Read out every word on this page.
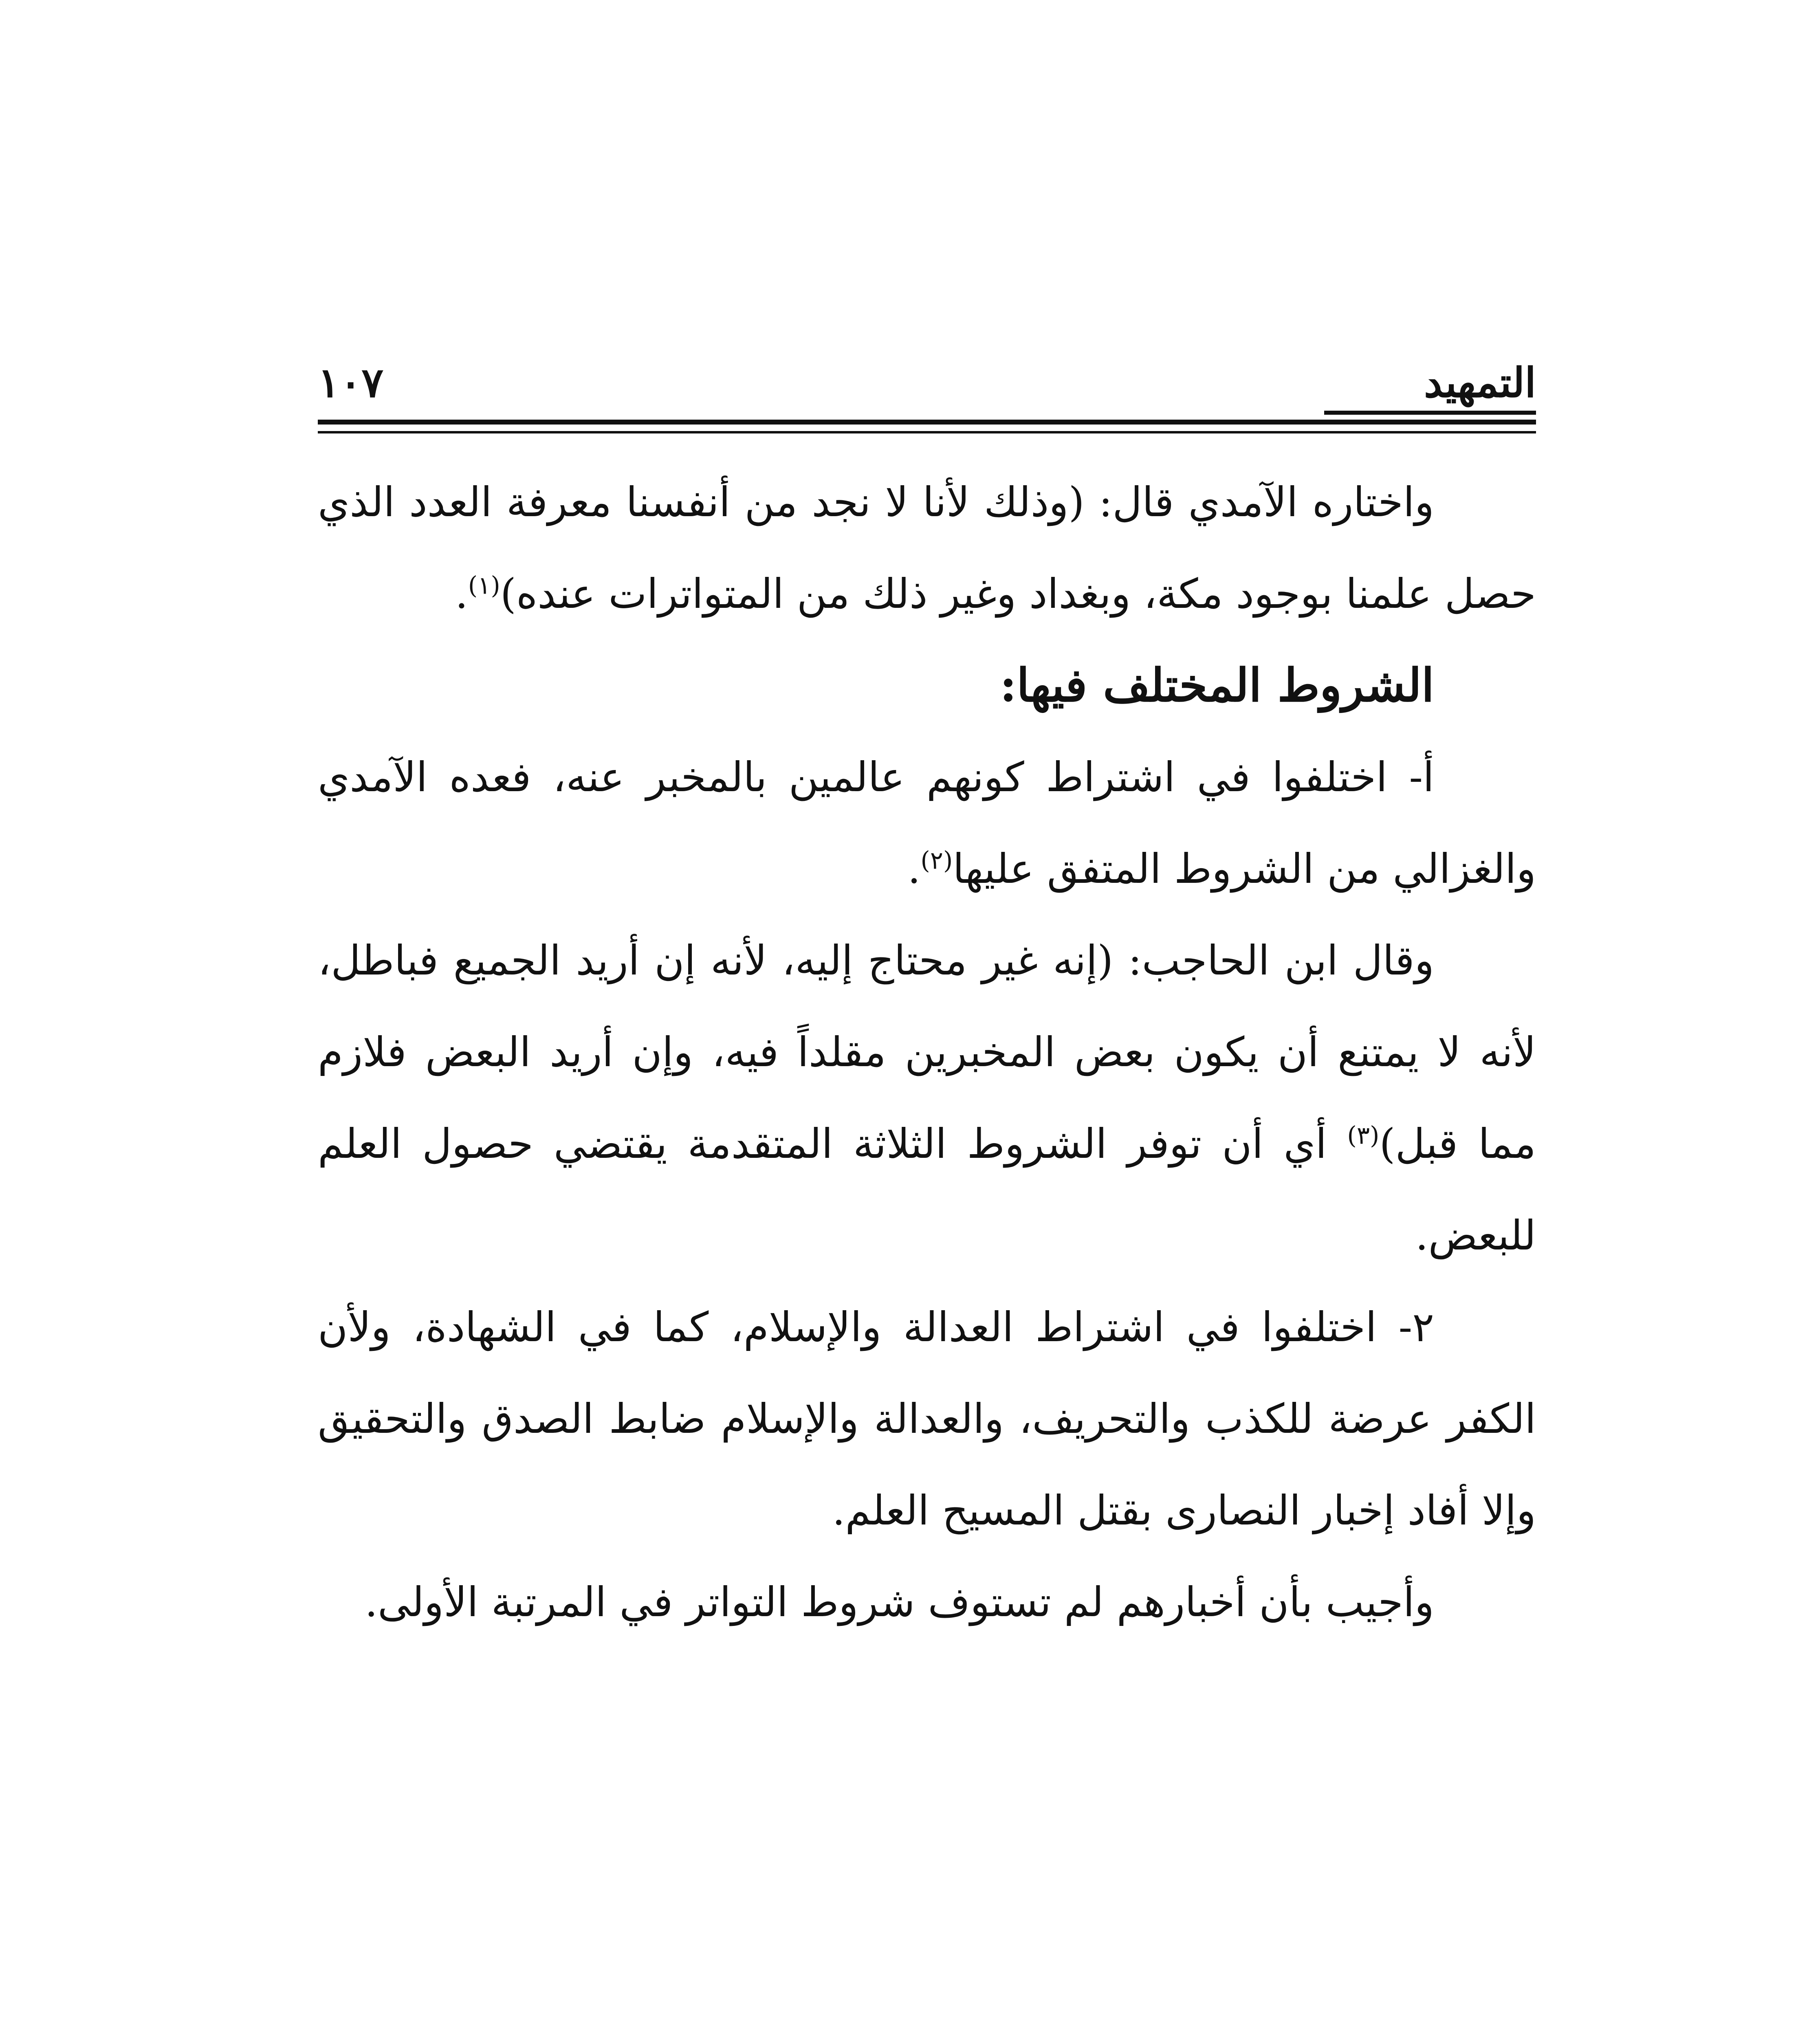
التمهيد
١٠٧

واختاره الآمدي قال: (وذلك لأنا لا نجد من أنفسنا معرفة العدد الذي حصل علمنا بوجود مكة، وبغداد وغير ذلك من المتواترات عنده)$^{(١)}$.

الشروط المختلف فيها:

أ- اختلفوا في اشتراط كونهم عالمين بالمخبر عنه، فعده الآمدي والغزالي من الشروط المتفق عليها$^{(٢)}$.

وقال ابن الحاجب: (إنه غير محتاج إليه، لأنه إن أريد الجميع فباطل، لأنه لا يمتنع أن يكون بعض المخبرين مقلداً فيه، وإن أريد البعض فلازم مما قبل)$^{(٣)}$ أي أن توفر الشروط الثلاثة المتقدمة يقتضي حصول العلم للبعض.

٢- اختلفوا في اشتراط العدالة والإسلام، كما في الشهادة، ولأن الكفر عرضة للكذب والتحريف، والعدالة والإسلام ضابط الصدق والتحقيق وإلا أفاد إخبار النصارى بقتل المسيح العلم.

وأجيب بأن أخبارهم لم تستوف شروط التواتر في المرتبة الأولى.
